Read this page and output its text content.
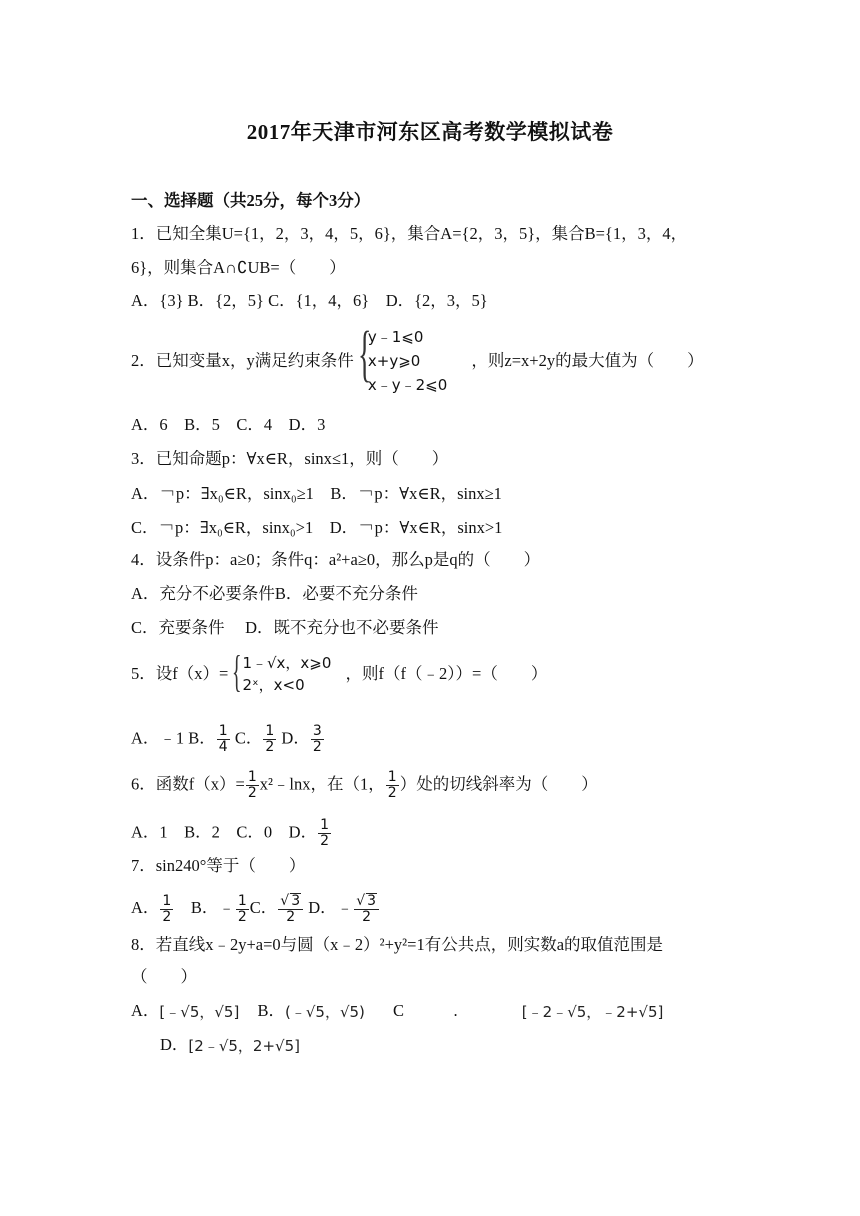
2017年天津市河东区高考数学模拟试卷
一、选择题（共25分，每个3分）
1．已知全集U={1，2，3，4，5，6}，集合A={2，3，5}，集合B={1，3，4，
6}，则集合A∩∁UB=（　　）
A．{3} B．{2，5} C．{1，4，6}　D．{2，3，5}
2．已知变量x，y满足约束条件 {
y﹣1⩽0
x+y⩾0
x﹣y﹣2⩽0
，则z=x+2y的最大值为（　　）
A．6　B．5　C．4　D．3
3．已知命题p：∀x∈R，sinx≤1，则（　　）
A．￢p：∃x₀∈R，sinx₀≥1　B．￢p：∀x∈R，sinx≥1
C．￢p：∃x₀∈R，sinx₀>1　D．￢p：∀x∈R，sinx>1
4．设条件p：a≥0；条件q：a²+a≥0，那么p是q的（　　）
A．充分不必要条件B．必要不充分条件
C．充要条件　 D．既不充分也不必要条件
5．设f（x）= { 1﹣√x，x⩾0
2ˣ，x<0
，则f（f（﹣2））=（　　）
A．﹣1 B． $\frac{1}{4}$ C． $\frac{1}{2}$ D． $\frac{3}{2}$
6．函数$f(x)= \frac{1}{2}$ x²﹣lnx，在（1， $\frac{1}{2}$ ）处的切线斜率为（　　）
A．1　B．2　C．0　D． $\frac{1}{2}$
7．sin240°等于（　　）
A． $\frac{1}{2}$ 　B．﹣ $\frac{1}{2}$ C． $\frac{√ 3}{2}$ D．﹣ $\frac{√ 3}{2}$
8．若直线x﹣2y+a=0与圆（x﹣2）²+y²=1有公共点，则实数a的取值范围是
（　　）
A．[﹣√5，√5] B．(﹣√5，√5) C　　　.	[﹣2﹣√5，﹣2+√5]
D．[2﹣√5，2+√5]
